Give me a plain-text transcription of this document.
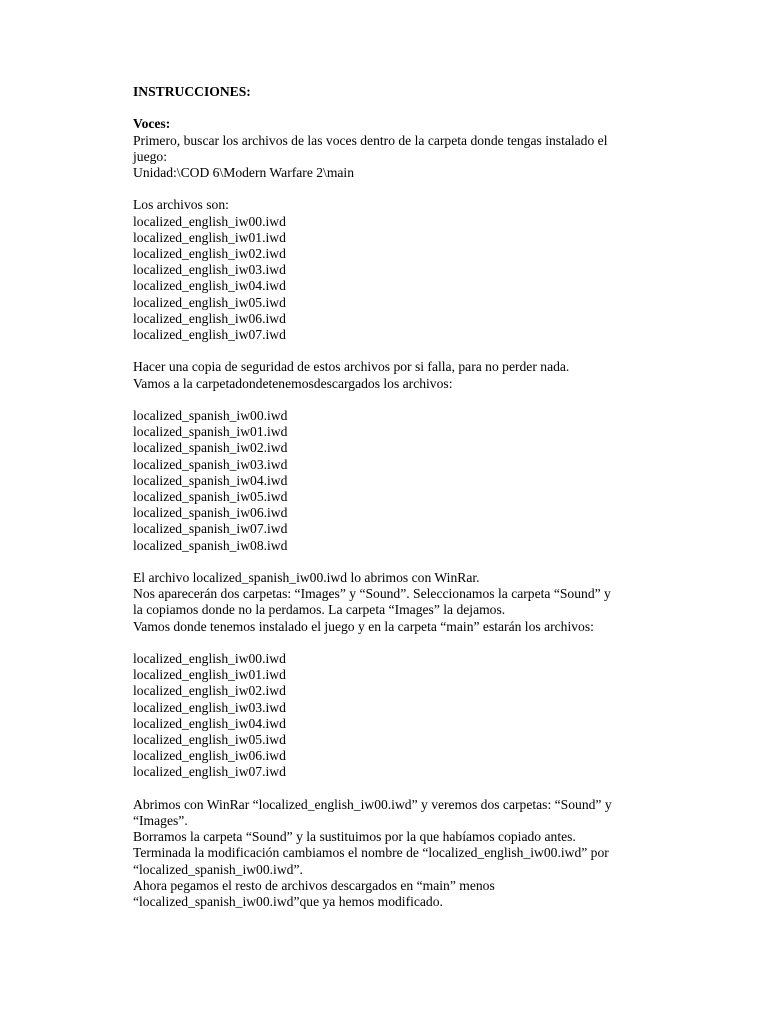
INSTRUCCIONES:
Voces:
Primero, buscar los archivos de las voces dentro de la carpeta donde tengas instalado el
juego:
Unidad:\COD 6\Modern Warfare 2\main
Los archivos son:
localized_english_iw00.iwd
localized_english_iw01.iwd
localized_english_iw02.iwd
localized_english_iw03.iwd
localized_english_iw04.iwd
localized_english_iw05.iwd
localized_english_iw06.iwd
localized_english_iw07.iwd
Hacer una copia de seguridad de estos archivos por si falla, para no perder nada.
Vamos a la carpetadondetenemosdescargados los archivos:
localized_spanish_iw00.iwd
localized_spanish_iw01.iwd
localized_spanish_iw02.iwd
localized_spanish_iw03.iwd
localized_spanish_iw04.iwd
localized_spanish_iw05.iwd
localized_spanish_iw06.iwd
localized_spanish_iw07.iwd
localized_spanish_iw08.iwd
El archivo localized_spanish_iw00.iwd lo abrimos con WinRar.
Nos aparecerán dos carpetas: “Images” y “Sound”. Seleccionamos la carpeta “Sound” y
la copiamos donde no la perdamos. La carpeta “Images” la dejamos.
Vamos donde tenemos instalado el juego y en la carpeta “main” estarán los archivos:
localized_english_iw00.iwd
localized_english_iw01.iwd
localized_english_iw02.iwd
localized_english_iw03.iwd
localized_english_iw04.iwd
localized_english_iw05.iwd
localized_english_iw06.iwd
localized_english_iw07.iwd
Abrimos con WinRar “localized_english_iw00.iwd” y veremos dos carpetas: “Sound” y
“Images”.
Borramos la carpeta “Sound” y la sustituimos por la que habíamos copiado antes.
Terminada la modificación cambiamos el nombre de “localized_english_iw00.iwd” por
“localized_spanish_iw00.iwd”.
Ahora pegamos el resto de archivos descargados en “main” menos
“localized_spanish_iw00.iwd”que ya hemos modificado.
